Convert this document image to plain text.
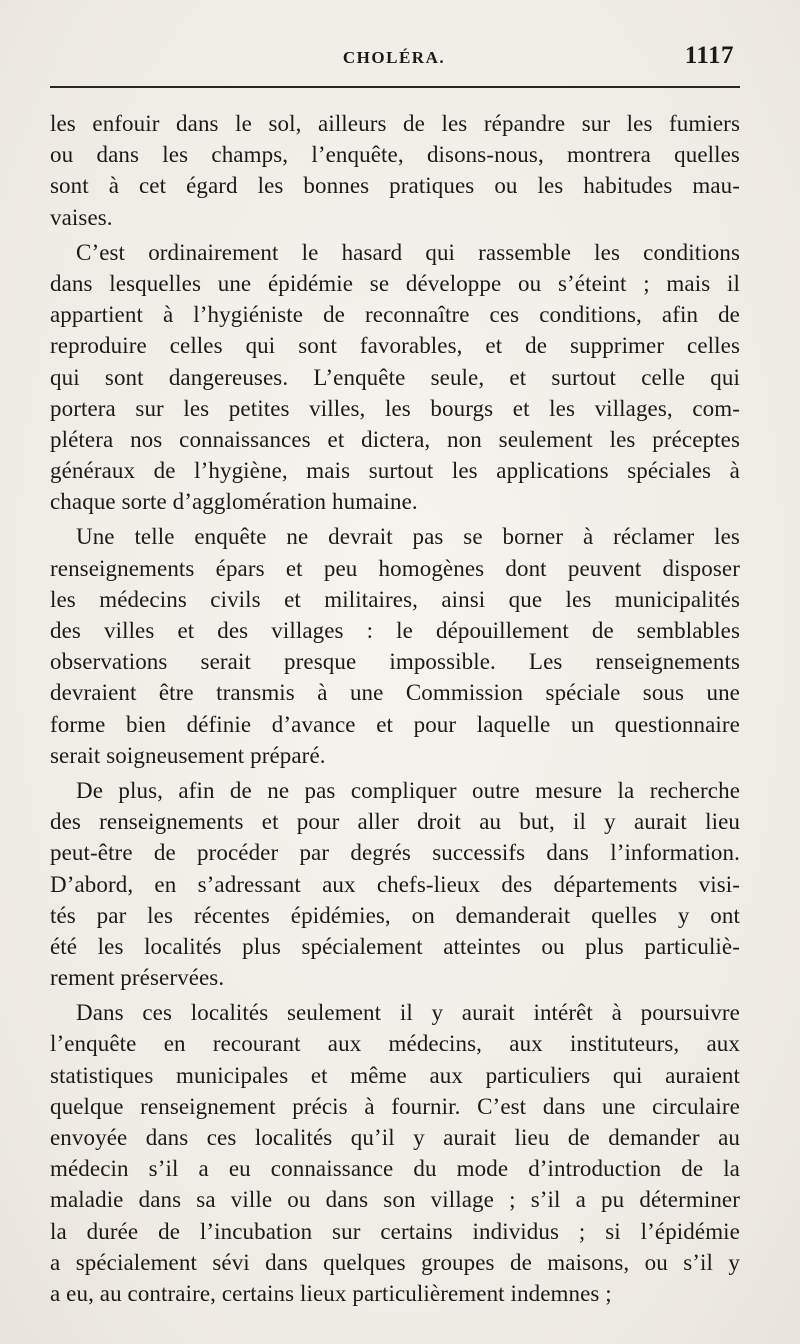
CHOLÉRA.	1117
les enfouir dans le sol, ailleurs de les répandre sur les fumiers
ou dans les champs, l’enquête, disons-nous, montrera quelles
sont à cet égard les bonnes pratiques ou les habitudes mau-
vaises.
C’est ordinairement le hasard qui rassemble les conditions
dans lesquelles une épidémie se développe ou s’éteint ; mais il
appartient à l’hygiéniste de reconnaître ces conditions, afin de
reproduire celles qui sont favorables, et de supprimer celles
qui sont dangereuses. L’enquête seule, et surtout celle qui
portera sur les petites villes, les bourgs et les villages, com-
plétera nos connaissances et dictera, non seulement les préceptes
généraux de l’hygiène, mais surtout les applications spéciales à
chaque sorte d’agglomération humaine.
Une telle enquête ne devrait pas se borner à réclamer les
renseignements épars et peu homogènes dont peuvent disposer
les médecins civils et militaires, ainsi que les municipalités
des villes et des villages : le dépouillement de semblables
observations serait presque impossible. Les renseignements
devraient être transmis à une Commission spéciale sous une
forme bien définie d’avance et pour laquelle un questionnaire
serait soigneusement préparé.
De plus, afin de ne pas compliquer outre mesure la recherche
des renseignements et pour aller droit au but, il y aurait lieu
peut-être de procéder par degrés successifs dans l’information.
D’abord, en s’adressant aux chefs-lieux des départements visi-
tés par les récentes épidémies, on demanderait quelles y ont
été les localités plus spécialement atteintes ou plus particuliè-
rement préservées.
Dans ces localités seulement il y aurait intérêt à poursuivre
l’enquête en recourant aux médecins, aux instituteurs, aux
statistiques municipales et même aux particuliers qui auraient
quelque renseignement précis à fournir. C’est dans une circulaire
envoyée dans ces localités qu’il y aurait lieu de demander au
médecin s’il a eu connaissance du mode d’introduction de la
maladie dans sa ville ou dans son village ; s’il a pu déterminer
la durée de l’incubation sur certains individus ; si l’épidémie
a spécialement sévi dans quelques groupes de maisons, ou s’il y
a eu, au contraire, certains lieux particulièrement indemnes ;
